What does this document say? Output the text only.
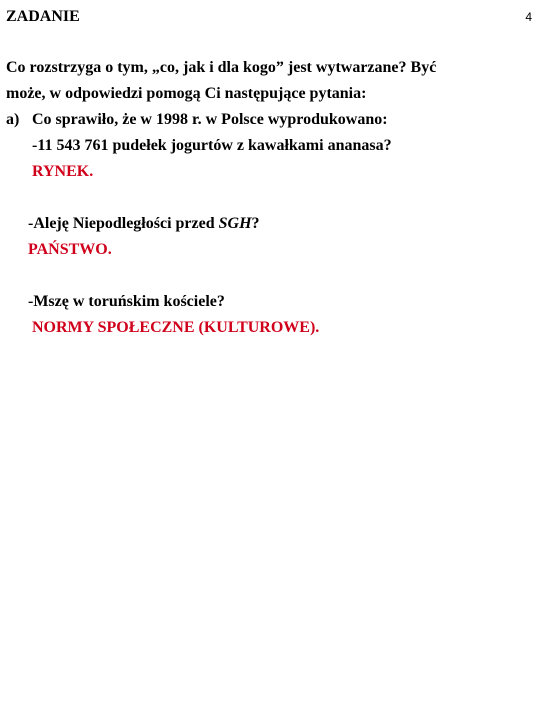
4
ZADANIE
Co rozstrzyga o tym, „co, jak i dla kogo” jest wytwarzane? Być
może, w odpowiedzi pomogą Ci następujące pytania:
a) Co sprawiło, że w 1998 r. w Polsce wyprodukowano:
-11 543 761 pudełek jogurtów z kawałkami ananasa?
RYNEK.
-Aleję Niepodległości przed SGH?
PAŃSTWO.
-Mszę w toruńskim kościele?
NORMY SPOŁECZNE (KULTUROWE).
